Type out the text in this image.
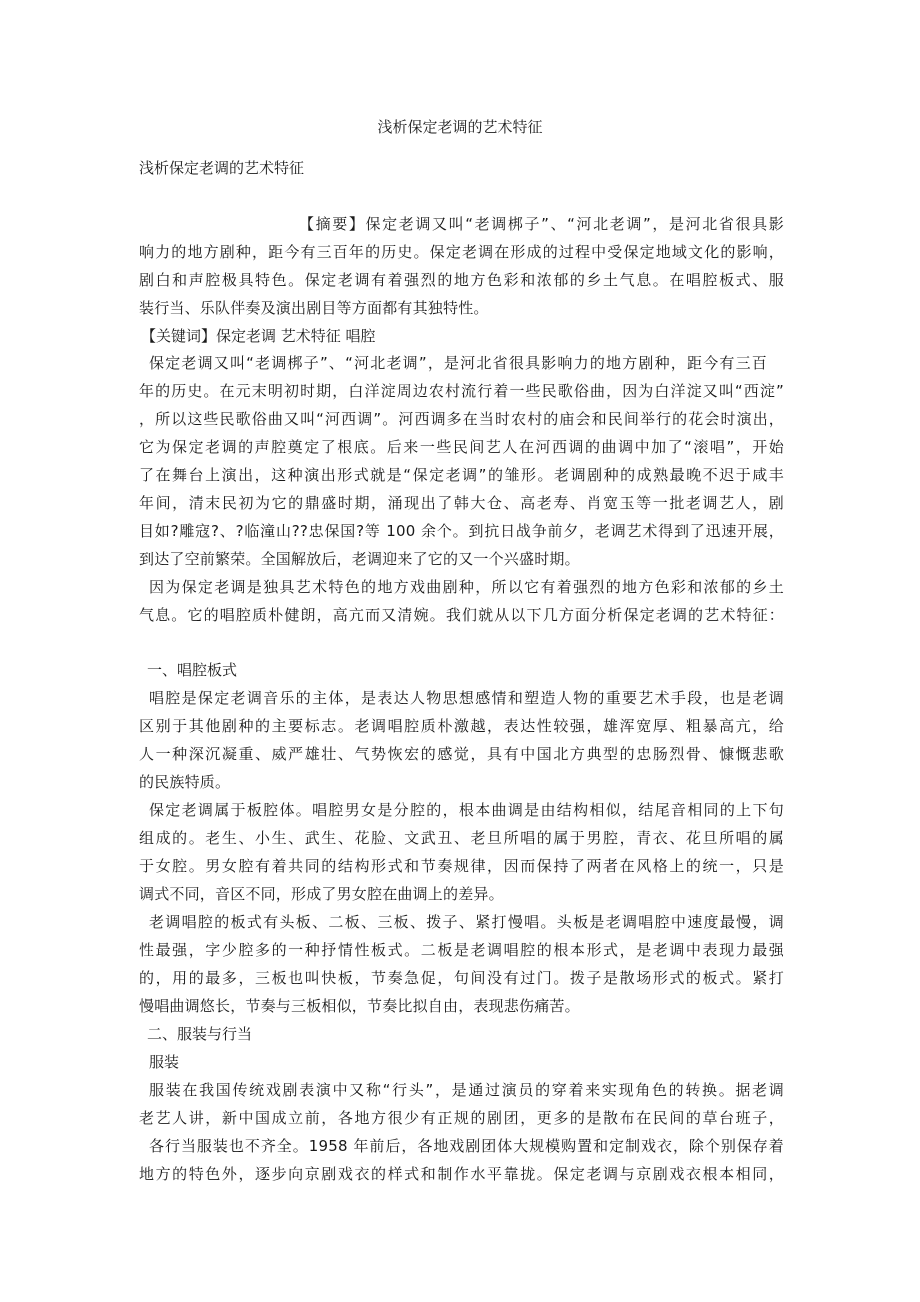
浅析保定老调的艺术特征
浅析保定老调的艺术特征
【摘要】保定老调又叫“老调梆子”、“河北老调”，是河北省很具影
响力的地方剧种，距今有三百年的历史。保定老调在形成的过程中受保定地域文化的影响，
剧白和声腔极具特色。保定老调有着强烈的地方色彩和浓郁的乡土气息。在唱腔板式、服
装行当、乐队伴奏及演出剧目等方面都有其独特性。
【关键词】保定老调 艺术特征 唱腔
保定老调又叫“老调梆子”、“河北老调”，是河北省很具影响力的地方剧种，距今有三百
年的历史。在元末明初时期，白洋淀周边农村流行着一些民歌俗曲，因为白洋淀又叫“西淀”
，所以这些民歌俗曲又叫“河西调”。河西调多在当时农村的庙会和民间举行的花会时演出，
它为保定老调的声腔奠定了根底。后来一些民间艺人在河西调的曲调中加了“滚唱”，开始
了在舞台上演出，这种演出形式就是“保定老调”的雏形。老调剧种的成熟最晚不迟于咸丰
年间，清末民初为它的鼎盛时期，涌现出了韩大仓、高老寿、肖宽玉等一批老调艺人，剧
目如?雕寇?、?临潼山??忠保国?等 100 余个。到抗日战争前夕，老调艺术得到了迅速开展，
到达了空前繁荣。全国解放后，老调迎来了它的又一个兴盛时期。
因为保定老调是独具艺术特色的地方戏曲剧种，所以它有着强烈的地方色彩和浓郁的乡土
气息。它的唱腔质朴健朗，高亢而又清婉。我们就从以下几方面分析保定老调的艺术特征：
一、唱腔板式
唱腔是保定老调音乐的主体，是表达人物思想感情和塑造人物的重要艺术手段，也是老调
区别于其他剧种的主要标志。老调唱腔质朴激越，表达性较强，雄浑宽厚、粗暴高亢，给
人一种深沉凝重、威严雄壮、气势恢宏的感觉，具有中国北方典型的忠肠烈骨、慷慨悲歌
的民族特质。
保定老调属于板腔体。唱腔男女是分腔的，根本曲调是由结构相似，结尾音相同的上下句
组成的。老生、小生、武生、花脸、文武丑、老旦所唱的属于男腔，青衣、花旦所唱的属
于女腔。男女腔有着共同的结构形式和节奏规律，因而保持了两者在风格上的统一，只是
调式不同，音区不同，形成了男女腔在曲调上的差异。
老调唱腔的板式有头板、二板、三板、拨子、紧打慢唱。头板是老调唱腔中速度最慢，调
性最强，字少腔多的一种抒情性板式。二板是老调唱腔的根本形式，是老调中表现力最强
的，用的最多，三板也叫快板，节奏急促，句间没有过门。拨子是散场形式的板式。紧打
慢唱曲调悠长，节奏与三板相似，节奏比拟自由，表现悲伤痛苦。
二、服装与行当
服装
服装在我国传统戏剧表演中又称“行头”，是通过演员的穿着来实现角色的转换。据老调
老艺人讲，新中国成立前，各地方很少有正规的剧团，更多的是散布在民间的草台班子，
各行当服装也不齐全。1958 年前后，各地戏剧团体大规模购置和定制戏衣，除个别保存着
地方的特色外，逐步向京剧戏衣的样式和制作水平靠拢。保定老调与京剧戏衣根本相同，
